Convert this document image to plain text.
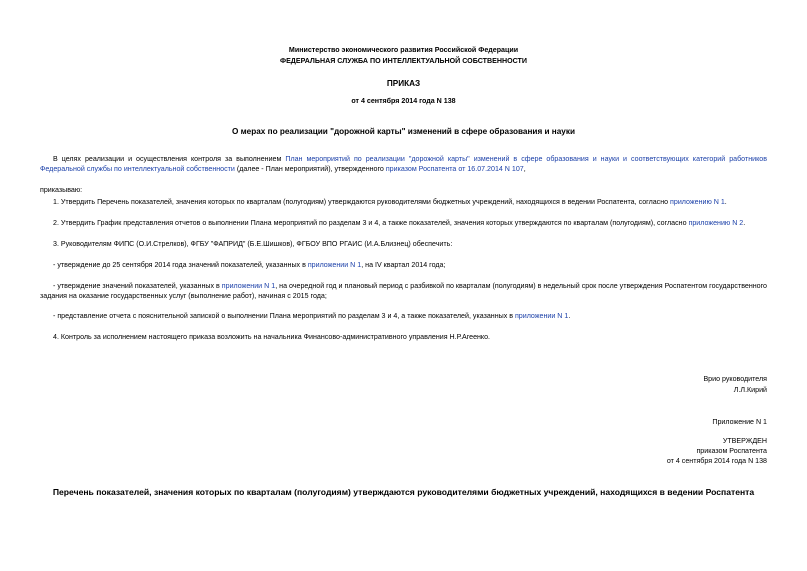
Министерство экономического развития Российской Федерации
ФЕДЕРАЛЬНАЯ СЛУЖБА ПО ИНТЕЛЛЕКТУАЛЬНОЙ СОБСТВЕННОСТИ
ПРИКАЗ
от 4 сентября 2014 года N 138
О мерах по реализации "дорожной карты" изменений в сфере образования и науки
В целях реализации и осуществления контроля за выполнением План мероприятий по реализации "дорожной карты" изменений в сфере образования и науки и соответствующих категорий работников Федеральной службы по интеллектуальной собственности (далее - План мероприятий), утвержденного приказом Роспатента от 16.07.2014 N 107,
приказываю:
1. Утвердить Перечень показателей, значения которых по кварталам (полугодиям) утверждаются руководителями бюджетных учреждений, находящихся в ведении Роспатента, согласно приложению N 1.
2. Утвердить График представления отчетов о выполнении Плана мероприятий по разделам 3 и 4, а также показателей, значения которых утверждаются по кварталам (полугодиям), согласно приложению N 2.
3. Руководителям ФИПС (О.И.Стрелков), ФГБУ "ФАПРИД" (Б.Е.Шишков), ФГБОУ ВПО РГАИС (И.А.Близнец) обеспечить:
- утверждение до 25 сентября 2014 года значений показателей, указанных в приложении N 1, на IV квартал 2014 года;
- утверждение значений показателей, указанных в приложении N 1, на очередной год и плановый период с разбивкой по кварталам (полугодиям) в недельный срок после утверждения Роспатентом государственного задания на оказание государственных услуг (выполнение работ), начиная с 2015 года;
- представление отчета с пояснительной запиской о выполнении Плана мероприятий по разделам 3 и 4, а также показателей, указанных в приложении N 1.
4. Контроль за исполнением настоящего приказа возложить на начальника Финансово-административного управления Н.Р.Агеенко.
Врио руководителя
Л.Л.Кирий
Приложение N 1
УТВЕРЖДЕН
приказом Роспатента
от 4 сентября 2014 года N 138
Перечень показателей, значения которых по кварталам (полугодиям) утверждаются руководителями бюджетных учреждений, находящихся в ведении Роспатента
